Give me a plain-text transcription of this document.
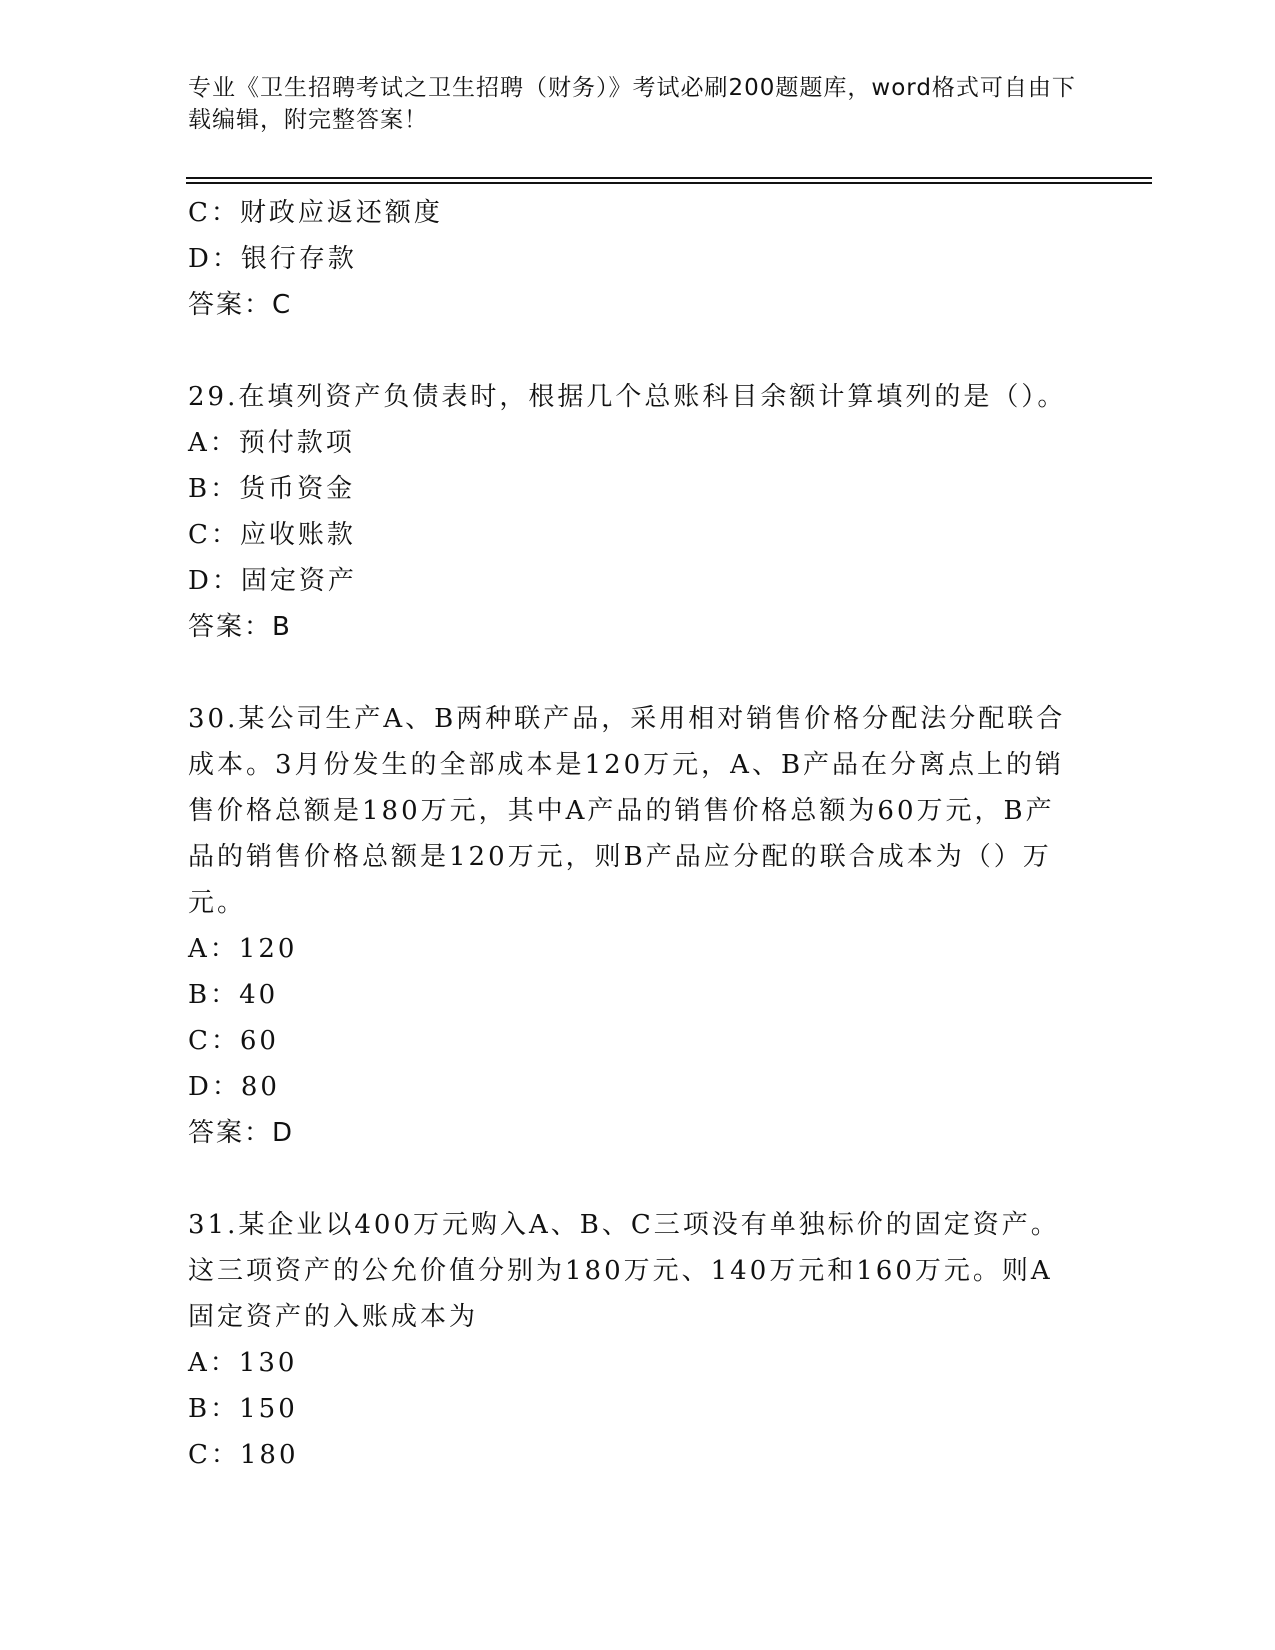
专业《卫生招聘考试之卫生招聘（财务）》考试必刷200题题库，word格式可自由下载编辑，附完整答案！
C：财政应返还额度
D：银行存款
答案：C
29.在填列资产负债表时，根据几个总账科目余额计算填列的是（）。
A：预付款项
B：货币资金
C：应收账款
D：固定资产
答案：B
30.某公司生产A、B两种联产品，采用相对销售价格分配法分配联合成本。3月份发生的全部成本是120万元，A、B产品在分离点上的销售价格总额是180万元，其中A产品的销售价格总额为60万元，B产品的销售价格总额是120万元，则B产品应分配的联合成本为（）万元。
A：120
B：40
C：60
D：80
答案：D
31.某企业以400万元购入A、B、C三项没有单独标价的固定资产。这三项资产的公允价值分别为180万元、140万元和160万元。则A固定资产的入账成本为
A：130
B：150
C：180
